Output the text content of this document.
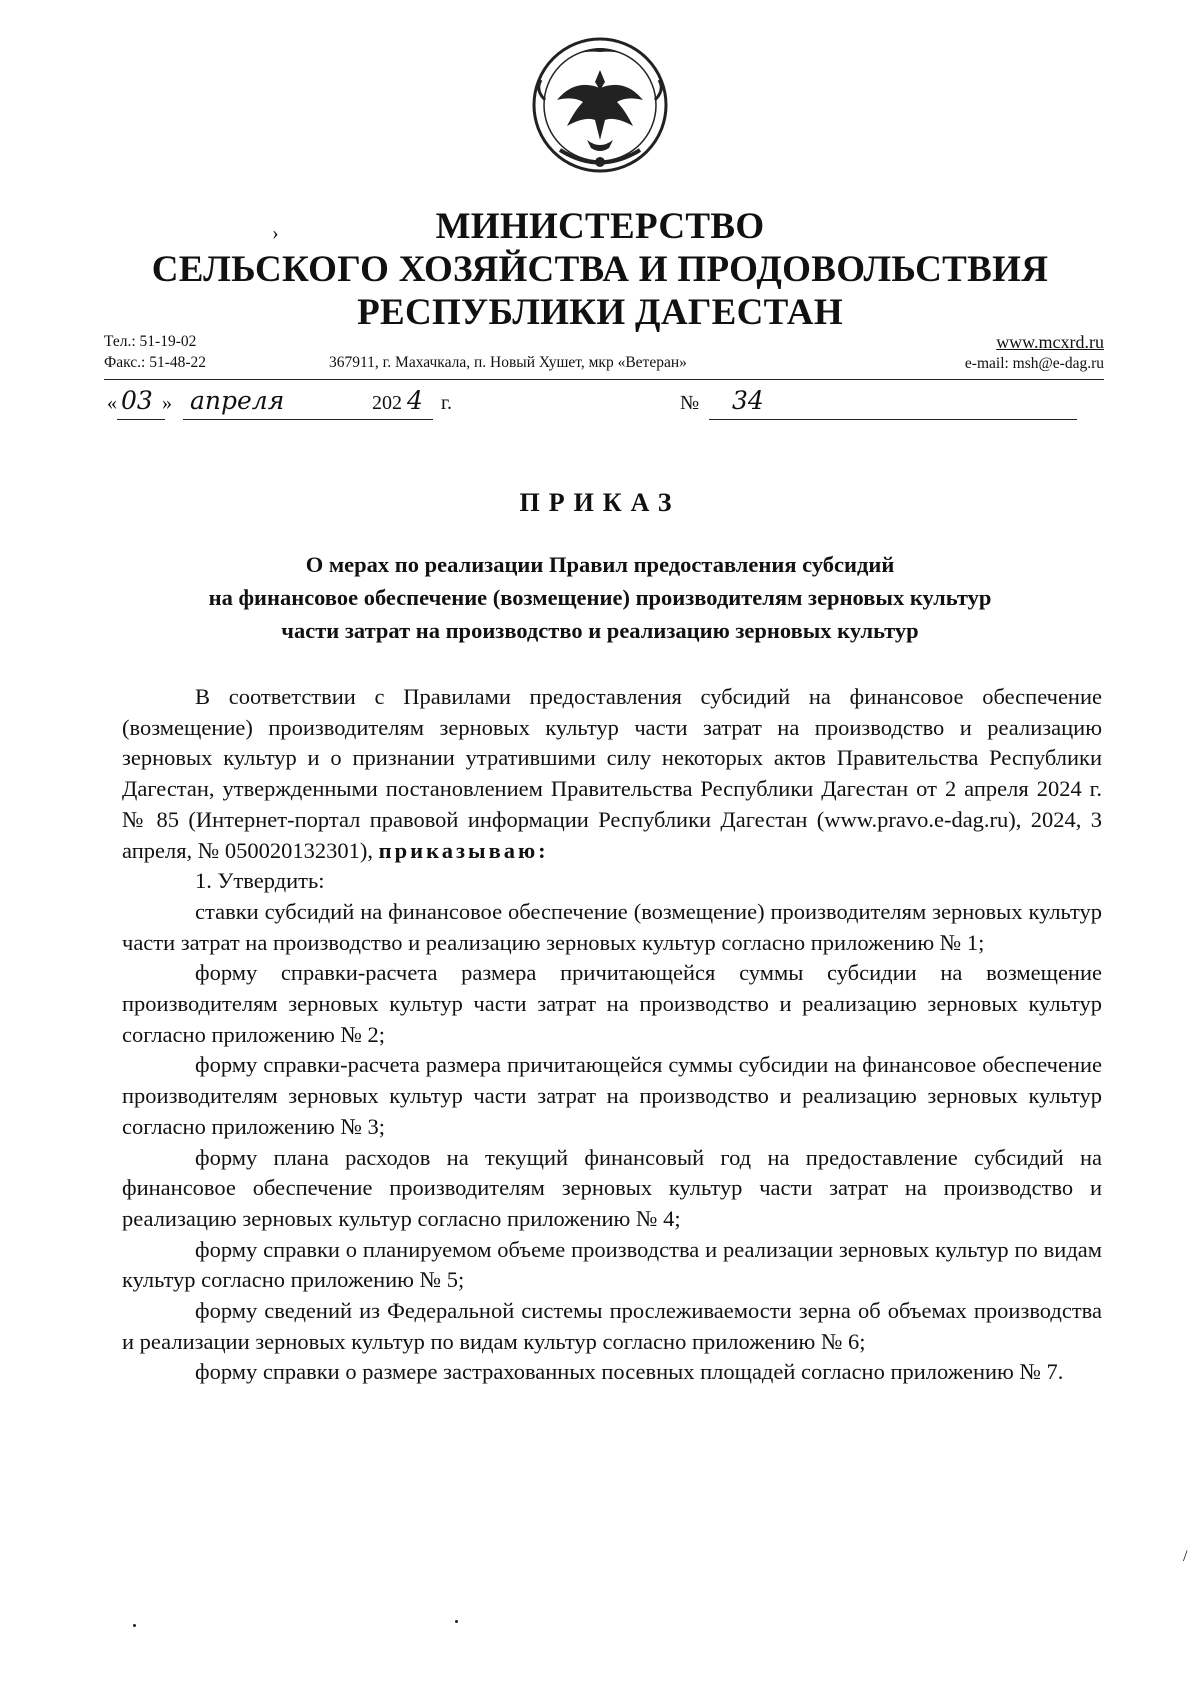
›	МИНИСТЕРСТВО
СЕЛЬСКОГО ХОЗЯЙСТВА И ПРОДОВОЛЬСТВИЯ
РЕСПУБЛИКИ ДАГЕСТАН
Тел.: 51-19-02
Факс.: 51-48-22	367911, г. Махачкала, п. Новый Хушет, мкр «Ветеран»
www.mcxrd.ru
e-mail: msh@e-dag.ru
« 03 » апреля	202 4 г.	№ 34
ПРИКАЗ
О мерах по реализации Правил предоставления субсидий
на финансовое обеспечение (возмещение) производителям зерновых культур
части затрат на производство и реализацию зерновых культур

В соответствии с Правилами предоставления субсидий на финансовое обеспечение (возмещение) производителям зерновых культур части затрат на производство и реализацию зерновых культур и о признании утратившими силу некоторых актов Правительства Республики Дагестан, утвержденными постановлением Правительства Республики Дагестан от 2 апреля 2024 г. № 85 (Интернет-портал правовой информации Республики Дагестан (www.pravo.e-dag.ru), 2024, 3 апреля, № 050020132301), приказываю:

1. Утвердить:

ставки субсидий на финансовое обеспечение (возмещение) производителям зерновых культур части затрат на производство и реализацию зерновых культур согласно приложению № 1;

форму справки-расчета размера причитающейся суммы субсидии на возмещение производителям зерновых культур части затрат на производство и реализацию зерновых культур согласно приложению № 2;

форму справки-расчета размера причитающейся суммы субсидии на финансовое обеспечение производителям зерновых культур части затрат на производство и реализацию зерновых культур согласно приложению № 3;

форму плана расходов на текущий финансовый год на предоставление субсидий на финансовое обеспечение производителям зерновых культур части затрат на производство и реализацию зерновых культур согласно приложению № 4;

форму справки о планируемом объеме производства и реализации зерновых культур по видам культур согласно приложению № 5;

форму сведений из Федеральной системы прослеживаемости зерна об объемах производства и реализации зерновых культур по видам культур согласно приложению № 6;

форму справки о размере застрахованных посевных площадей согласно приложению № 7.

/
